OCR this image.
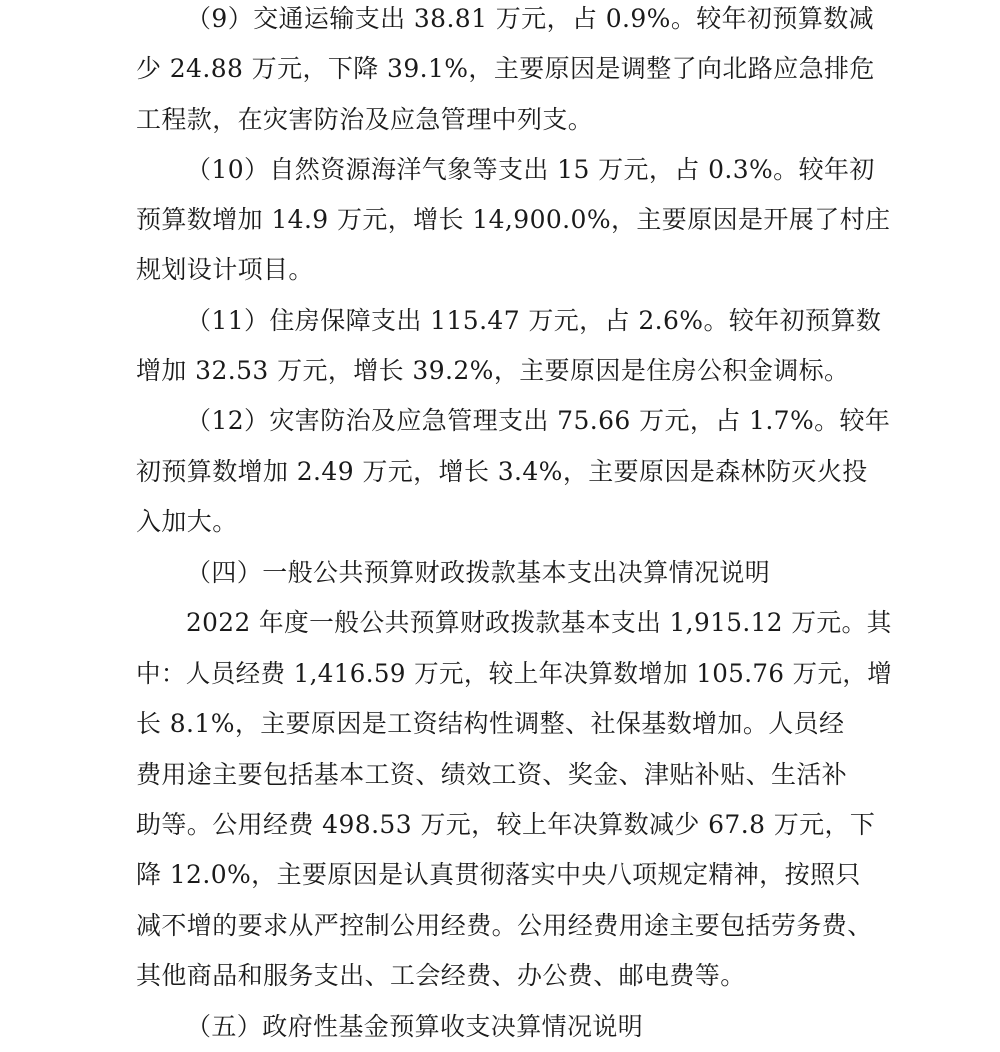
（9）交通运输支出 38.81 万元，占 0.9%。较年初预算数减
少 24.88 万元，下降 39.1%，主要原因是调整了向北路应急排危
工程款，在灾害防治及应急管理中列支。
（10）自然资源海洋气象等支出 15 万元，占 0.3%。较年初
预算数增加 14.9 万元，增长 14,900.0%，主要原因是开展了村庄
规划设计项目。
（11）住房保障支出 115.47 万元，占 2.6%。较年初预算数
增加 32.53 万元，增长 39.2%，主要原因是住房公积金调标。
（12）灾害防治及应急管理支出 75.66 万元，占 1.7%。较年
初预算数增加 2.49 万元，增长 3.4%，主要原因是森林防灭火投
入加大。
（四）一般公共预算财政拨款基本支出决算情况说明
2022 年度一般公共预算财政拨款基本支出 1,915.12 万元。其
中：人员经费 1,416.59 万元，较上年决算数增加 105.76 万元，增
长 8.1%，主要原因是工资结构性调整、社保基数增加。人员经
费用途主要包括基本工资、绩效工资、奖金、津贴补贴、生活补
助等。公用经费 498.53 万元，较上年决算数减少 67.8 万元，下
降 12.0%，主要原因是认真贯彻落实中央八项规定精神，按照只
减不增的要求从严控制公用经费。公用经费用途主要包括劳务费、
其他商品和服务支出、工会经费、办公费、邮电费等。
（五）政府性基金预算收支决算情况说明
